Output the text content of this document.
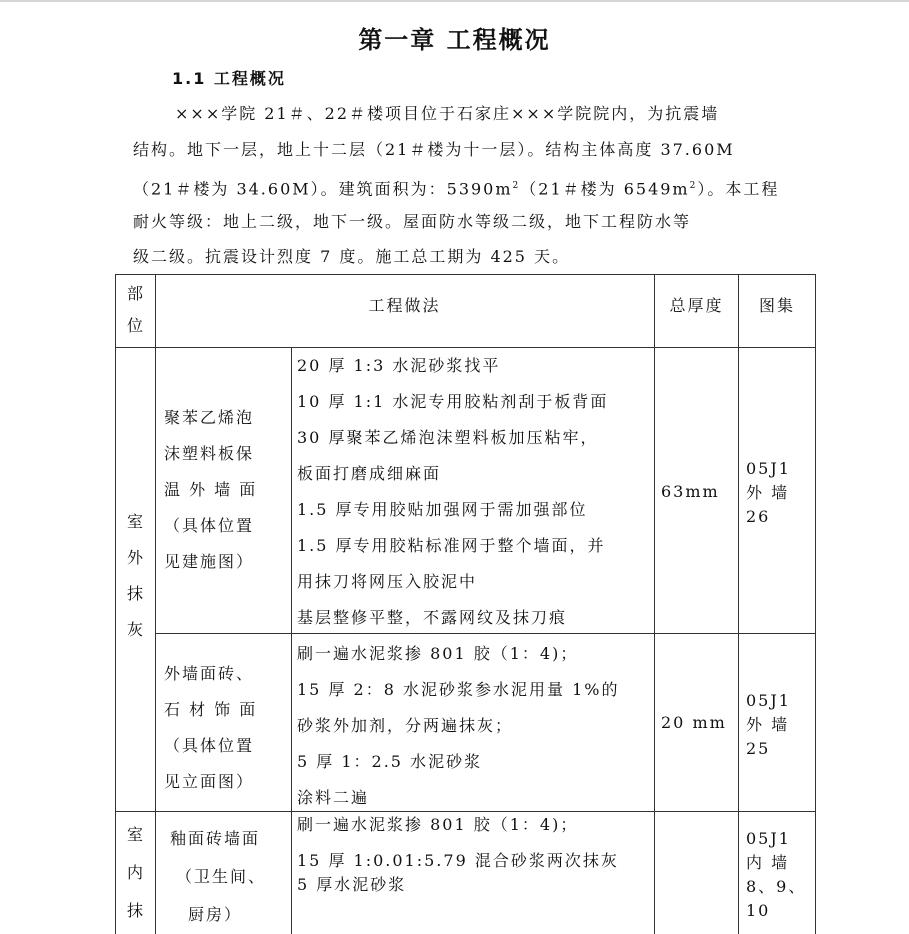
第一章 工程概况
1.1 工程概况
×××学院 21＃、22＃楼项目位于石家庄×××学院院内，为抗震墙
结构。地下一层，地上十二层（21＃楼为十一层）。结构主体高度 37.60M
（21＃楼为 34.60M）。建筑面积为：$5390m^2(21$＃楼为 $6549m^2$）。本工程
耐火等级：地上二级，地下一级。屋面防水等级二级，地下工程防水等
级二级。抗震设计烈度 7 度。施工总工期为 425 天。
部
位
工程做法	总厚度	图集
室
外
抹
灰
聚苯乙烯泡
沫塑料板保
温 外 墙 面
（具体位置
见建施图）
20 厚 1:3 水泥砂浆找平
10 厚 1:1 水泥专用胶粘剂刮于板背面
30 厚聚苯乙烯泡沫塑料板加压粘牢，
板面打磨成细麻面
1.5 厚专用胶贴加强网于需加强部位
1.5 厚专用胶粘标准网于整个墙面，并
用抹刀将网压入胶泥中
基层整修平整，不露网纹及抹刀痕
63mm
05J1
外 墙
26
外墙面砖、
石 材 饰 面
（具体位置
见立面图）
刷一遍水泥浆掺 801 胶（1：4)；
15 厚 2：8 水泥砂浆参水泥用量 1%的
砂浆外加剂，分两遍抹灰；
5 厚 1：2.5 水泥砂浆
涂料二遍
20 mm
05J1
外 墙
25
室
内
抹
釉面砖墙面
（卫生间、
厨房）
刷一遍水泥浆掺 801 胶（1：4)；
15 厚 1:0.01:5.79 混合砂浆两次抹灰
5 厚水泥砂浆
05J1
内 墙
8、9、
10
